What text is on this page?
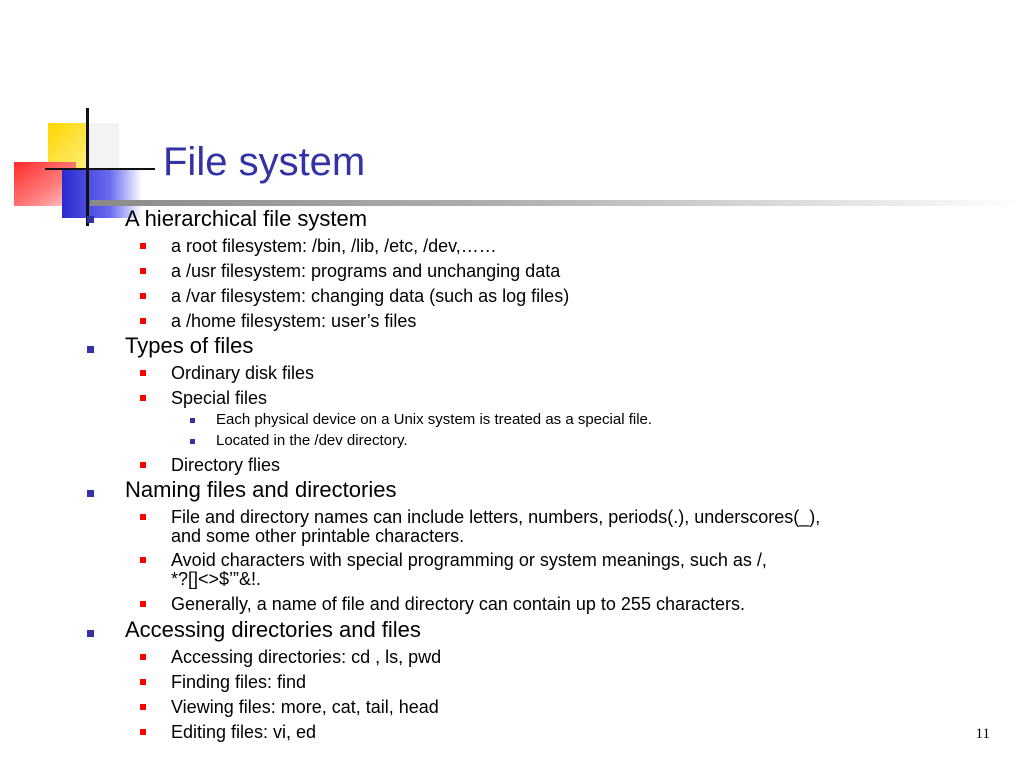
File system
A hierarchical file system
a root filesystem: /bin, /lib, /etc, /dev,……
a /usr filesystem: programs and unchanging data
a /var filesystem: changing data (such as log files)
a /home filesystem: user’s files
Types of files
Ordinary disk files
Special files
Each physical device on a Unix system is treated as a special file.
Located in the /dev directory.
Directory flies
Naming files and directories
File and directory names can include letters, numbers, periods(.), underscores(_),
and some other printable characters.
Avoid characters with special programming or system meanings, such as /,
*?[]<>$’”&!.
Generally, a name of file and directory can contain up to 255 characters.
Accessing directories and files
Accessing directories: cd , ls, pwd
Finding files: find
Viewing files: more, cat, tail, head
Editing files: vi, ed	11
